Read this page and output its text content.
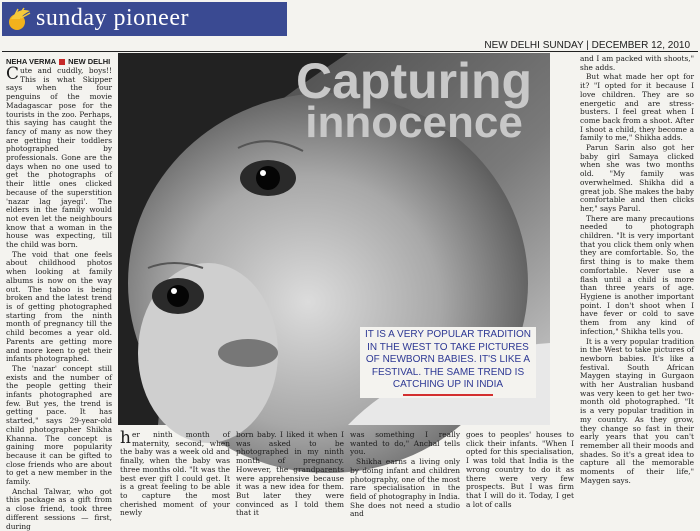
sunday pioneer
NEW DELHI SUNDAY | DECEMBER 12, 2010
NEHA VERMA NEW DELHI

Cute and cuddly, boys!! This is what Skipper says when the four penguins of the movie Madagascar pose for the tourists in the zoo. Perhaps, this saying has caught the fancy of many as now they are getting their toddlers photographed by professionals. Gone are the days when no one used to get the photographs of their little ones clicked because of the superstition 'nazar lag jayegi'. The elders in the family would not even let the neighbours know that a woman in the house was expecting, till the child was born.

The void that one feels about childhood photos when looking at family albums is now on the way out. The taboo is being broken and the latest trend is of getting photographed starting from the ninth month of pregnancy till the child becomes a year old. Parents are getting more and more keen to get their infants photographed.

The 'nazar' concept still exists and the number of the people getting their infants photographed are few. But yes, the trend is getting pace. It has started," says 29-year-old child photographer Shikha Khanna. The concept is gaining more popularity because it can be gifted to close friends who are about to get a new member in the family.

Anchal Talwar, who got this package as a gift from a close friend, took three different sessions — first, during

Capturing
innocence
IT IS A VERY POPULAR TRADITION IN THE WEST TO TAKE PICTURES OF NEWBORN BABIES. IT'S LIKE A FESTIVAL. THE SAME TREND IS CATCHING UP IN INDIA

her ninth month of maternity, second, when the baby was a week old and finally, when the baby was three months old. "It was the best ever gift I could get. It is a great feeling to be able to capture the most cherished moment of your newly

born baby. I liked it when I was asked to be photographed in my ninth month of pregnancy. However, the grandparents were apprehensive because it was a new idea for them. But later they were convinced as I told them that it

was something I really wanted to do," Anchal tells you.

Shikha earns a living only by doing infant and children photography, one of the most rare specialisation in the field of photography in India. She does not need a studio and

goes to peoples' houses to click their infants. "When I opted for this specialisation, I was told that India is the wrong country to do it as there were very few prospects. But I was firm that I will do it. Today, I get a lot of calls

and I am packed with shoots," she adds.

But what made her opt for it? "I opted for it because I love children. They are so energetic and are stress-busters. I feel great when I come back from a shoot. After I shoot a child, they become a family to me," Shikha adds.

Parun Sarin also got her baby girl Samaya clicked when she was two months old. "My family was overwhelmed. Shikha did a great job. She makes the baby comfortable and then clicks her," says Parul.

There are many precautions needed to photograph children. "It is very important that you click them only when they are comfortable. So, the first thing is to make them comfortable. Never use a flash until a child is more than three years of age. Hygiene is another important point. I don't shoot when I have fever or cold to save them from any kind of infection," Shikha tells you.

It is a very popular tradition in the West to take pictures of newborn babies. It's like a festival. South African Maygen staying in Gurgaon with her Australian husband was very keen to get her two-month old photographed. "It is a very popular tradition in my country. As they grow, they change so fast in their early years that you can't remember all their moods and shades. So it's a great idea to capture all the memorable moments of their life," Maygen says.
